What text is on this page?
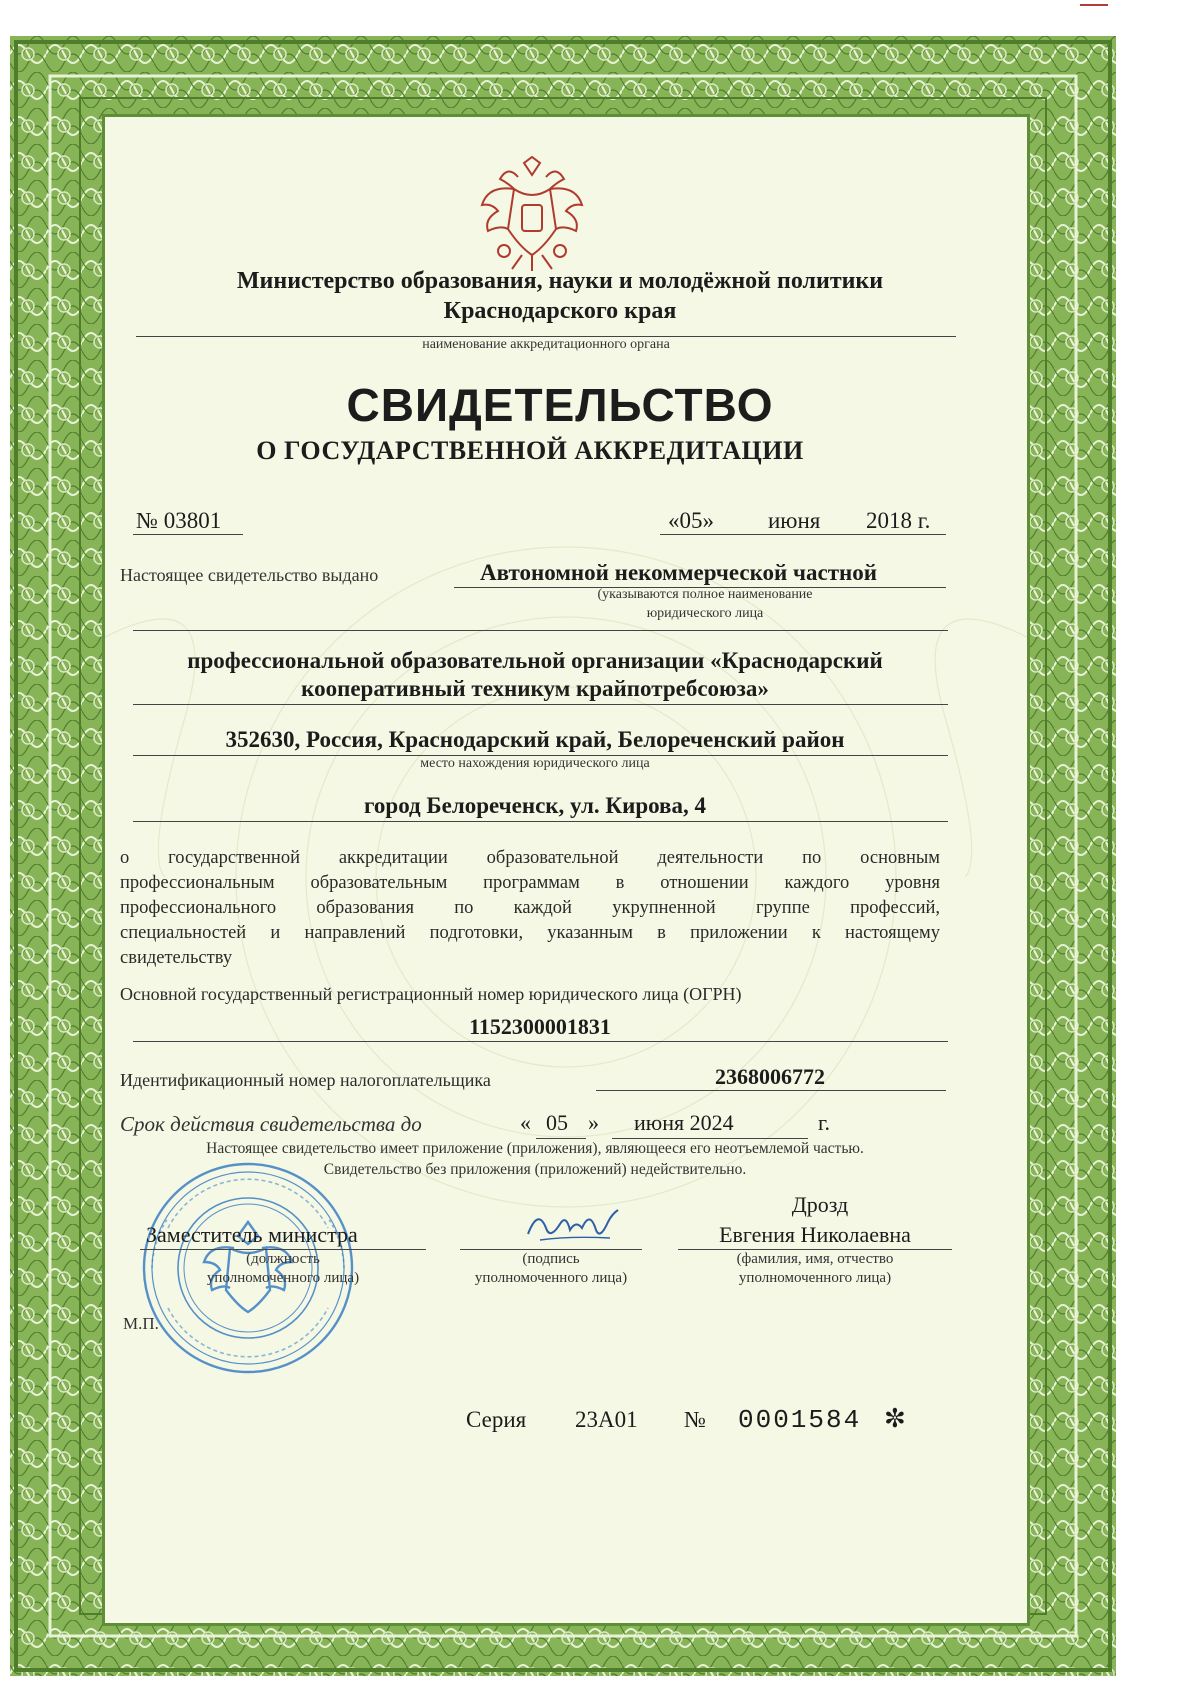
Министерство образования, науки и молодёжной политики
Краснодарского края
наименование аккредитационного органа
СВИДЕТЕЛЬСТВО
О ГОСУДАРСТВЕННОЙ АККРЕДИТАЦИИ
№ 03801	«05» июня 2018 г.
Настоящее свидетельство выдано	Автономной некоммерческой частной
(указываются полное наименование
юридического лица
профессиональной образовательной организации «Краснодарский
кооперативный техникум крайпотребсоюза»
352630, Россия, Краснодарский край, Белореченский район
место нахождения юридического лица
город Белореченск, ул. Кирова, 4
о государственной аккредитации образовательной деятельности по основным
профессиональным образовательным программам в отношении каждого уровня
профессионального образования по каждой укрупненной группе профессий,
специальностей и направлений подготовки, указанным в приложении к настоящему
свидетельству
Основной государственный регистрационный номер юридического лица (ОГРН)
1152300001831
Идентификационный номер налогоплательщика	2368006772
Срок действия свидетельства до	« 05 » июня 2024	г.
Настоящее свидетельство имеет приложение (приложения), являющееся его неотъемлемой частью.
Свидетельство без приложения (приложений) недействительно.
Заместитель министра
(должность
уполномоченного лица)
(подпись
уполномоченного лица)
Дрозд
Евгения Николаевна
(фамилия, имя, отчество
уполномоченного лица)
М.П.
Серия 23А01 № 0001584 ✼
